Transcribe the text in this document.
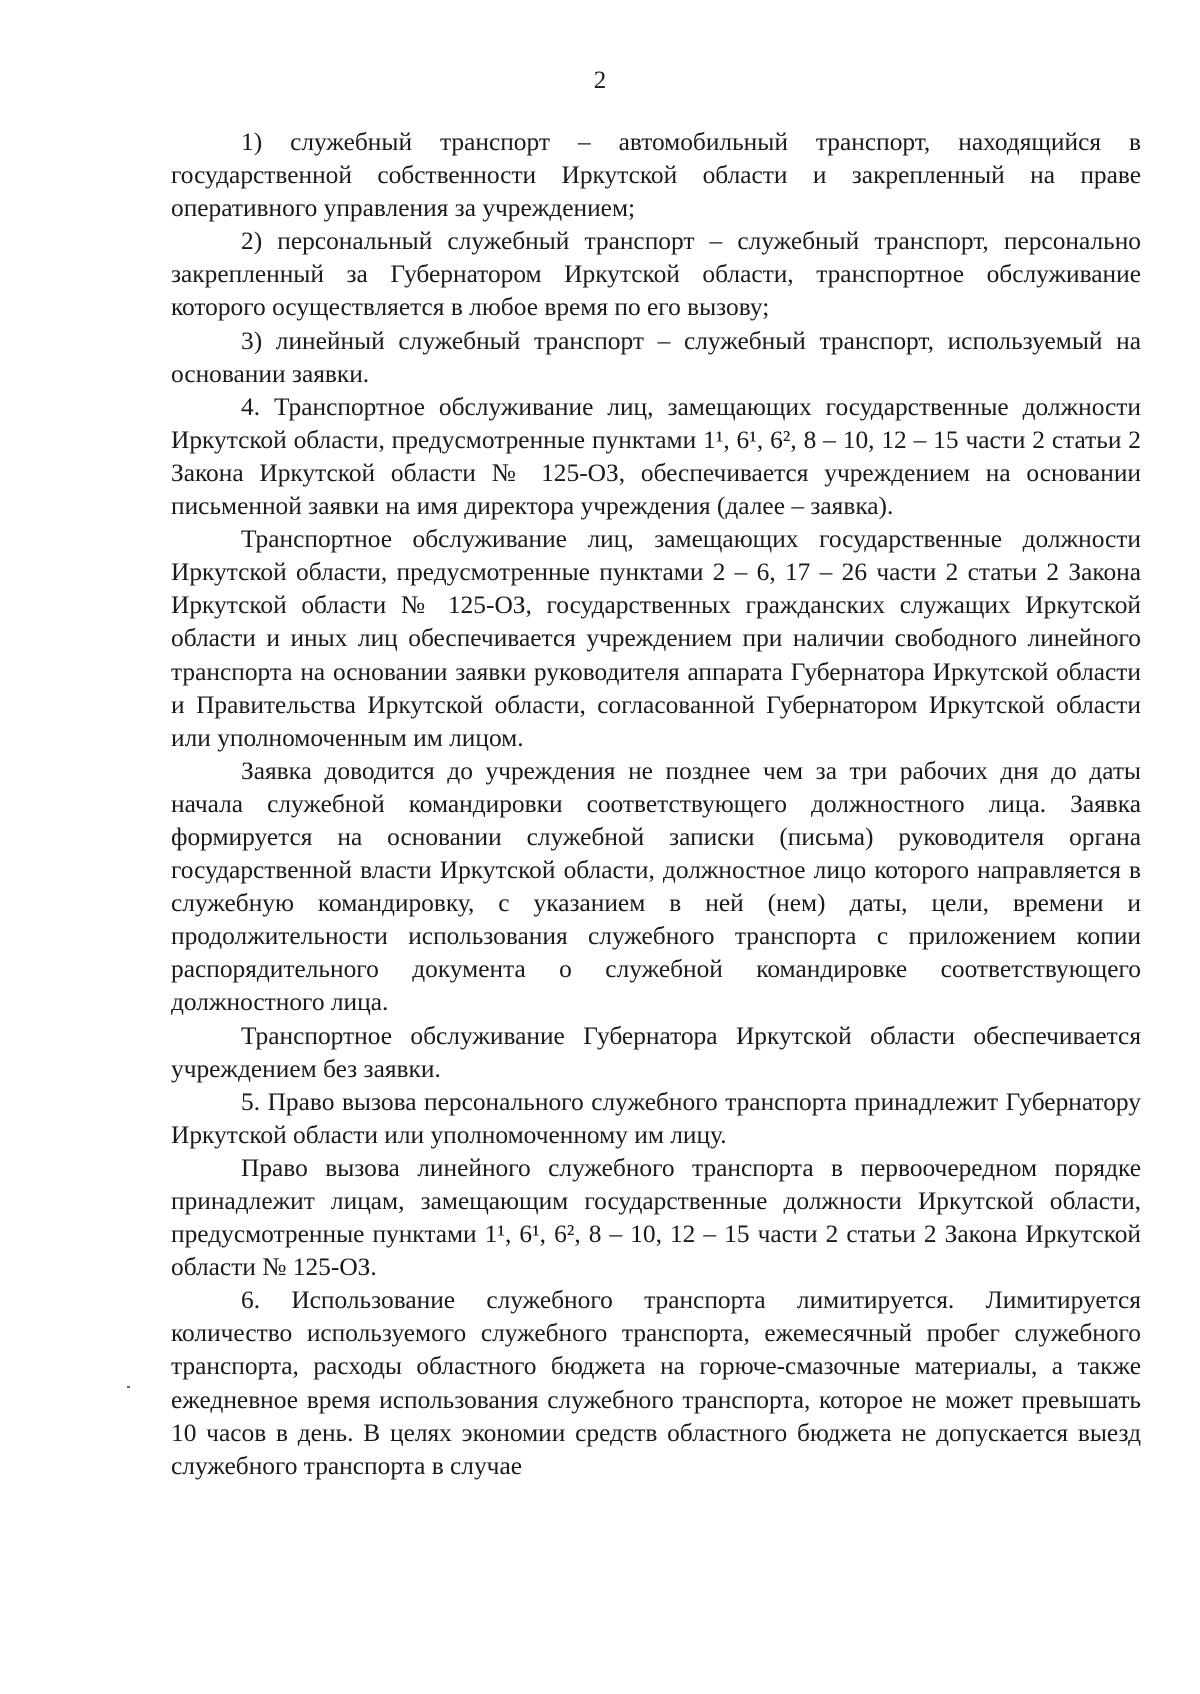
2

1) служебный транспорт – автомобильный транспорт, находящийся в государственной собственности Иркутской области и закрепленный на праве оперативного управления за учреждением;

2) персональный служебный транспорт – служебный транспорт, персонально закрепленный за Губернатором Иркутской области, транспортное обслуживание которого осуществляется в любое время по его вызову;

3) линейный служебный транспорт – служебный транспорт, используемый на основании заявки.

4. Транспортное обслуживание лиц, замещающих государственные должности Иркутской области, предусмотренные пунктами 1¹, 6¹, 6², 8 – 10, 12 – 15 части 2 статьи 2 Закона Иркутской области № 125-ОЗ, обеспечивается учреждением на основании письменной заявки на имя директора учреждения (далее – заявка).

Транспортное обслуживание лиц, замещающих государственные должности Иркутской области, предусмотренные пунктами 2 – 6, 17 – 26 части 2 статьи 2 Закона Иркутской области № 125-ОЗ, государственных гражданских служащих Иркутской области и иных лиц обеспечивается учреждением при наличии свободного линейного транспорта на основании заявки руководителя аппарата Губернатора Иркутской области и Правительства Иркутской области, согласованной Губернатором Иркутской области или уполномоченным им лицом.

Заявка доводится до учреждения не позднее чем за три рабочих дня до даты начала служебной командировки соответствующего должностного лица. Заявка формируется на основании служебной записки (письма) руководителя органа государственной власти Иркутской области, должностное лицо которого направляется в служебную командировку, с указанием в ней (нем) даты, цели, времени и продолжительности использования служебного транспорта с приложением копии распорядительного документа о служебной командировке соответствующего должностного лица.

Транспортное обслуживание Губернатора Иркутской области обеспечивается учреждением без заявки.

5. Право вызова персонального служебного транспорта принадлежит Губернатору Иркутской области или уполномоченному им лицу.

Право вызова линейного служебного транспорта в первоочередном порядке принадлежит лицам, замещающим государственные должности Иркутской области, предусмотренные пунктами 1¹, 6¹, 6², 8 – 10, 12 – 15 части 2 статьи 2 Закона Иркутской области № 125-ОЗ.

6. Использование служебного транспорта лимитируется. Лимитируется количество используемого служебного транспорта, ежемесячный пробег служебного транспорта, расходы областного бюджета на горюче-смазочные материалы, а также ежедневное время использования служебного транспорта, которое не может превышать 10 часов в день. В целях экономии средств областного бюджета не допускается выезд служебного транспорта в случае
